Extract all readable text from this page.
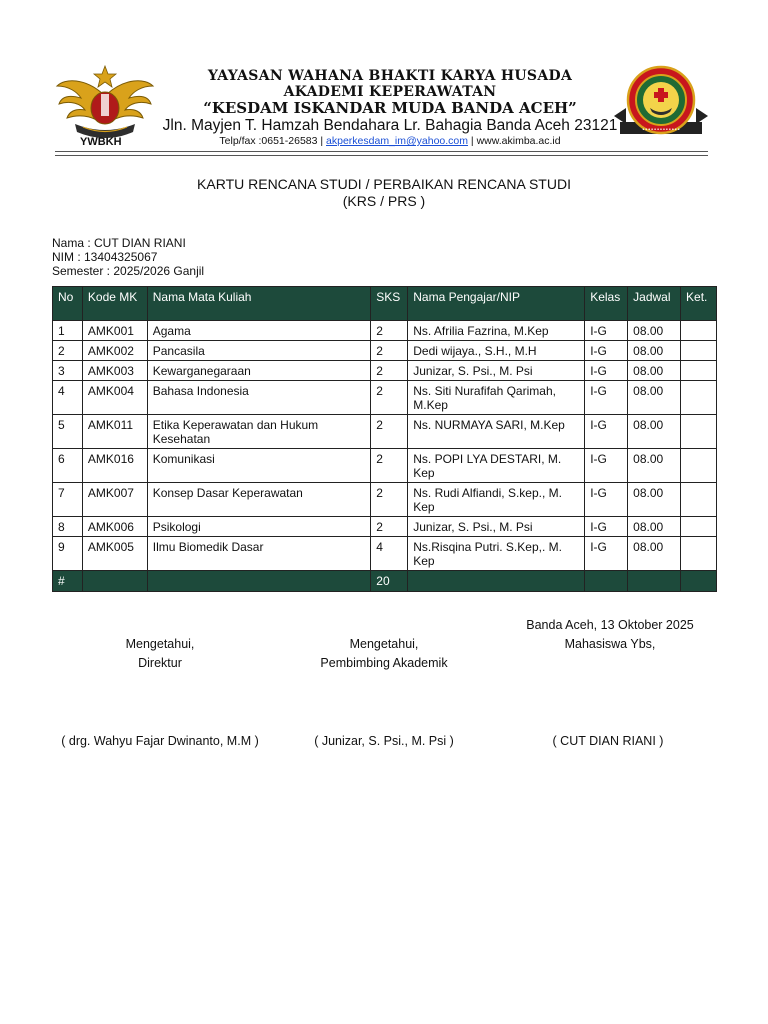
YWBKH
YAYASAN WAHANA BHAKTI KARYA HUSADA
AKADEMI KEPERAWATAN
“KESDAM ISKANDAR MUDA BANDA ACEH”
Jln. Mayjen T. Hamzah Bendahara Lr. Bahagia Banda Aceh 23121
Telp/fax :0651-26583 | akperkesdam_im@yahoo.com | www.akimba.ac.id
•••••••••••••
KARTU RENCANA STUDI / PERBAIKAN RENCANA STUDI
(KRS / PRS )
Nama : CUT DIAN RIANI
NIM : 13404325067
Semester : 2025/2026 Ganjil
No	Kode MK	Nama Mata Kuliah	SKS	Nama Pengajar/NIP	Kelas	Jadwal	Ket.
1	AMK001	Agama	2	Ns. Afrilia Fazrina, M.Kep	I-G	08.00	
2	AMK002	Pancasila	2	Dedi wijaya., S.H., M.H	I-G	08.00	
3	AMK003	Kewarganegaraan	2	Junizar, S. Psi., M. Psi	I-G	08.00	
4	AMK004	Bahasa Indonesia	2	Ns. Siti Nurafifah Qarimah, M.Kep	I-G	08.00	
5	AMK011	Etika Keperawatan dan Hukum Kesehatan	2	Ns. NURMAYA SARI, M.Kep	I-G	08.00	
6	AMK016	Komunikasi	2	Ns. POPI LYA DESTARI, M. Kep	I-G	08.00	
7	AMK007	Konsep Dasar Keperawatan	2	Ns. Rudi Alfiandi, S.kep., M. Kep	I-G	08.00	
8	AMK006	Psikologi	2	Junizar, S. Psi., M. Psi	I-G	08.00	
9	AMK005	Ilmu Biomedik Dasar	4	Ns.Risqina Putri. S.Kep,. M. Kep	I-G	08.00	
#			20				
Banda Aceh, 13 Oktober 2025
Mengetahui,
Direktur
Mengetahui,
Pembimbing Akademik
Mahasiswa Ybs,
( drg. Wahyu Fajar Dwinanto, M.M )	( Junizar, S. Psi., M. Psi )	( CUT DIAN RIANI )
